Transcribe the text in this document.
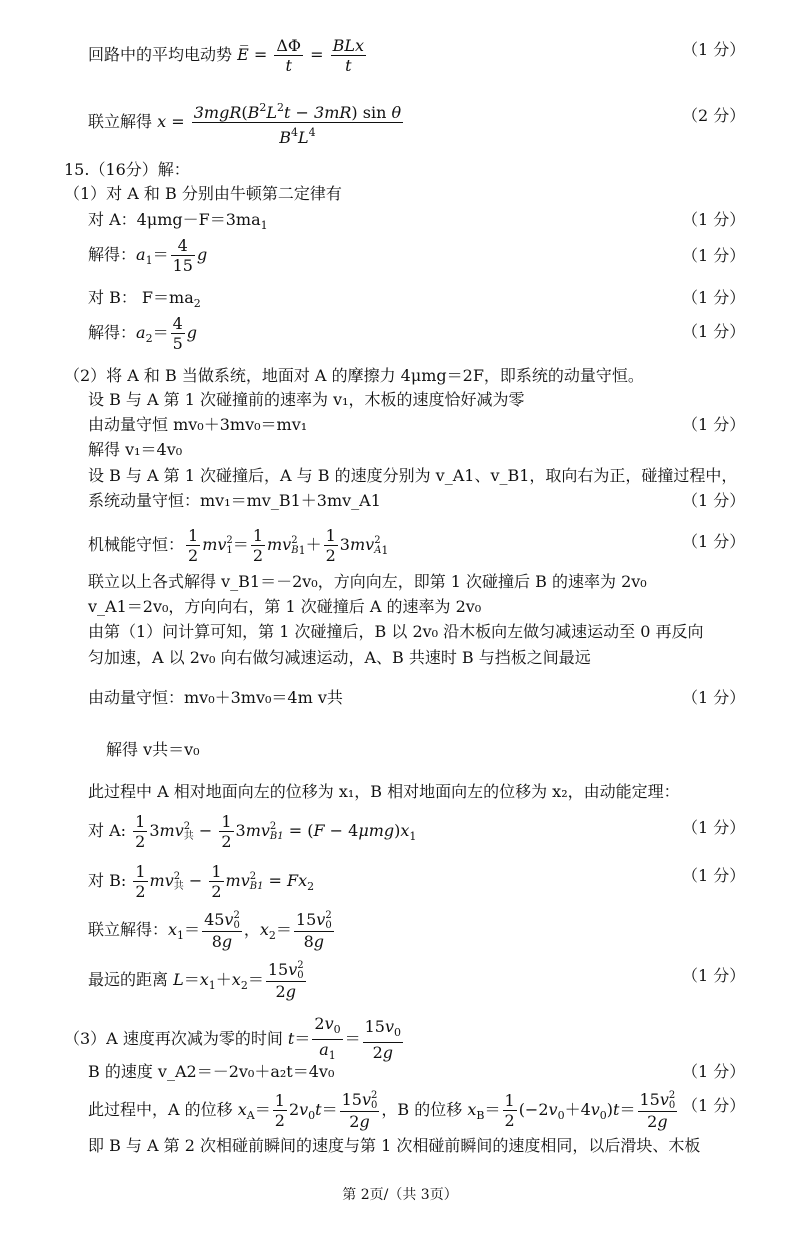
回路中的平均电动势 E̅ = $\frac{\Delta\Phi}{t} = \frac{\text{BLx}}{t}$	（1 分）
联立解得 $x = \frac{3mgR(B^2L^2t - 3mR) \sin \theta}{B^4L^4}$	（2 分）
15.（16分）解：
（1）对 A 和 B 分别由牛顿第二定律有
对 A：$4\mu mg-F=3ma_1$	（1 分）
解得：$a_1= \frac{4}{15}$ g	（1 分）
对 B： $F=ma_2$	（1 分）
解得：$a_2= \frac{4}{5}$ g	（1 分）
（2）将 A 和 B 当做系统，地面对 A 的摩擦力 4μmg＝2F，即系统的动量守恒。
设 B 与 A 第 1 次碰撞前的速率为 v₁，木板的速度恰好减为零
由动量守恒 mv₀＋3mv₀＝mv₁	（1 分）
解得 v₁＝4v₀
设 B 与 A 第 1 次碰撞后，A 与 B 的速度分别为 v_A1、v_B1，取向右为正，碰撞过程中，
系统动量守恒：mv₁＝mv_B1＋3mv_A1	（1 分）
机械能守恒： $\frac{1}{2}$ mv 2
$1 = \frac{1}{2}$ mv 2
B $_1+ \frac{1}{2} 3mv$ 2
A $_1$	（1 分）
联立以上各式解得 v_B1＝－2v₀，方向向左，即第 1 次碰撞后 B 的速率为 2v₀
v_A1＝2v₀，方向向右，第 1 次碰撞后 A 的速率为 2v₀
由第（1）问计算可知，第 1 次碰撞后，B 以 2v₀ 沿木板向左做匀减速运动至 0 再反向
匀加速，A 以 2v₀ 向右做匀减速运动，A、B 共速时 B 与挡板之间最远
由动量守恒：mv₀＋3mv₀＝4m v共	（1 分）
解得 v共＝v₀
此过程中 A 相对地面向左的位移为 x₁，B 相对地面向左的位移为 x₂，由动能定理：
对 A: $\frac{1}{2} 3mv$ 2
共 − $\frac{1}{2} 3mv$ 2
$B1 = (F - 4\mu mg)x_1$	（1 分）
对 B: $\frac{1}{2}$ mv 2
共 − $\frac{1}{2}$ mv 2
$B1 = Fx_2$
（1 分）
联立解得：$x_1= 45v$ 2
0
8g ，$x_2= 15v$ 2
0
8g
最远的距离 $L=x_1+x_2= 15v$ 2
0
2g	（1 分）
（3）A 速度再次减为零的时间 $t= \frac{2v_0}{a_1} = \frac{15v_0}{2g}$
B 的速度 v_A2＝－2v₀＋a₂t＝4v₀	（1 分）
此过程中，A 的位移 $x_A= \frac{1}{2} 2v_0t= 15v$ 2
0
2g ，B 的位移 $x_B= \frac{1}{2} (-2v_0+4v_0)t= 15v$ 2
0
2g （1 分）
即 B 与 A 第 2 次相碰前瞬间的速度与第 1 次相碰前瞬间的速度相同，以后滑块、木板
第 2页/（共 3页）
